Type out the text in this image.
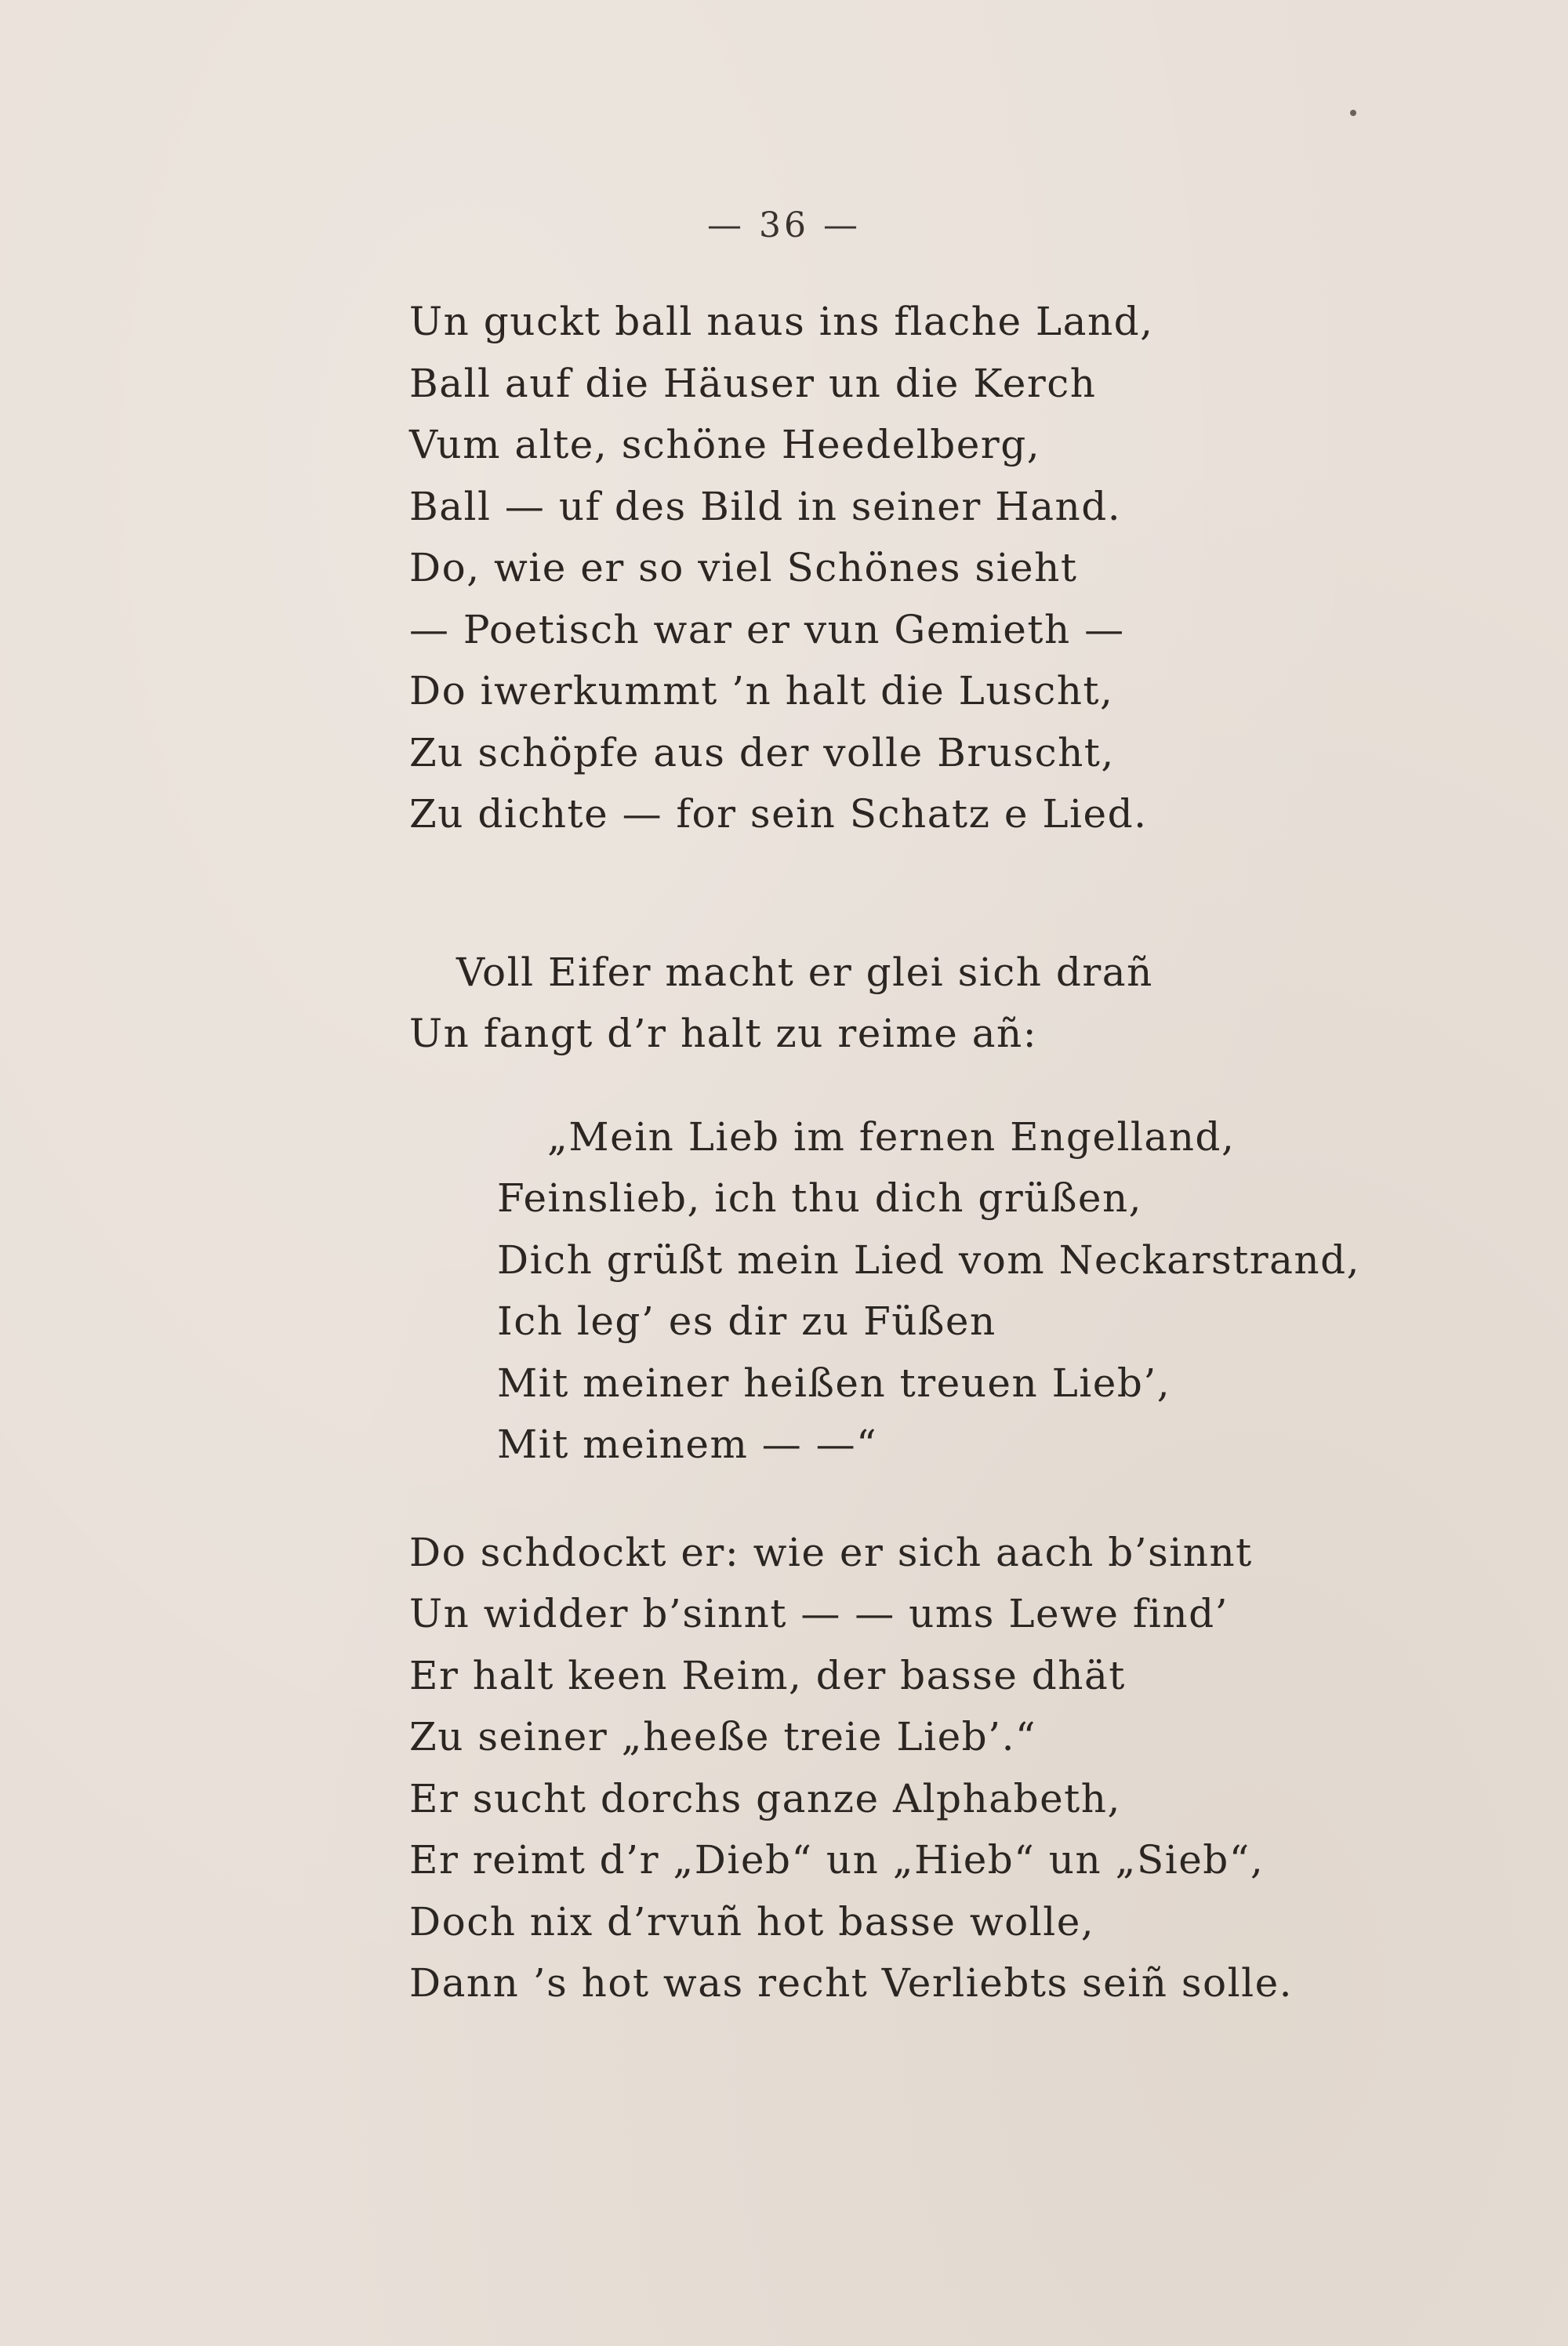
— 36 —
Un guckt ball naus ins flache Land,
Ball auf die Häuser un die Kerch
Vum alte, schöne Heedelberg,
Ball — uf des Bild in seiner Hand.
Do, wie er so viel Schönes sieht
— Poetisch war er vun Gemieth —
Do iwerkummt ’n halt die Luscht,
Zu schöpfe aus der volle Bruscht,
Zu dichte — for sein Schatz e Lied.
Voll Eifer macht er glei sich drañ
Un fangt d’r halt zu reime añ:
„Mein Lieb im fernen Engelland,
Feinslieb, ich thu dich grüßen,
Dich grüßt mein Lied vom Neckarstrand,
Ich leg’ es dir zu Füßen
Mit meiner heißen treuen Lieb’,
Mit meinem — —“
Do schdockt er: wie er sich aach b’sinnt
Un widder b’sinnt — — ums Lewe find’
Er halt keen Reim, der basse dhät
Zu seiner „heeße treie Lieb’.“
Er sucht dorchs ganze Alphabeth,
Er reimt d’r „Dieb“ un „Hieb“ un „Sieb“,
Doch nix d’rvuñ hot basse wolle,
Dann ’s hot was recht Verliebts seiñ solle.
